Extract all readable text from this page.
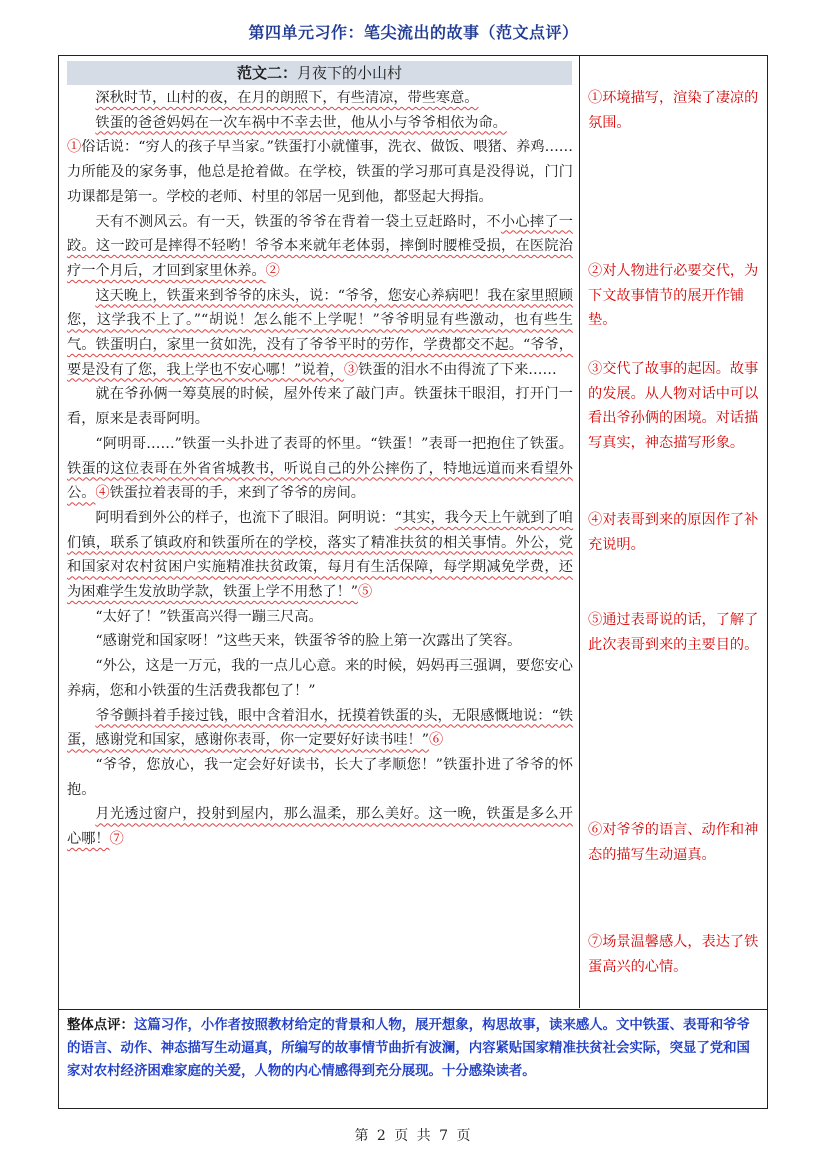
第四单元习作：笔尖流出的故事（范文点评）
范文二：月夜下的小山村

深秋时节，山村的夜，在月的朗照下，有些清凉，带些寒意。

铁蛋的爸爸妈妈在一次车祸中不幸去世，他从小与爷爷相依为命。

①俗话说：“穷人的孩子早当家。”铁蛋打小就懂事，洗衣、做饭、喂猪、养鸡……力所能及的家务事，他总是抢着做。在学校，铁蛋的学习那可真是没得说，门门功课都是第一。学校的老师、村里的邻居一见到他，都竖起大拇指。

天有不测风云。有一天，铁蛋的爷爷在背着一袋土豆赶路时，不小心摔了一跤。这一跤可是摔得不轻哟！爷爷本来就年老体弱，摔倒时腰椎受损，在医院治疗一个月后，才回到家里休养。②

这天晚上，铁蛋来到爷爷的床头，说：“爷爷，您安心养病吧！我在家里照顾您，这学我不上了。”“胡说！怎么能不上学呢！”爷爷明显有些激动，也有些生气。铁蛋明白，家里一贫如洗，没有了爷爷平时的劳作，学费都交不起。“爷爷，要是没有了您，我上学也不安心哪！”说着，③铁蛋的泪水不由得流了下来……

就在爷孙俩一筹莫展的时候，屋外传来了敲门声。铁蛋抹干眼泪，打开门一看，原来是表哥阿明。

“阿明哥……”铁蛋一头扑进了表哥的怀里。“铁蛋！”表哥一把抱住了铁蛋。铁蛋的这位表哥在外省省城教书，听说自己的外公摔伤了，特地远道而来看望外公。④铁蛋拉着表哥的手，来到了爷爷的房间。

阿明看到外公的样子，也流下了眼泪。阿明说：“其实，我今天上午就到了咱们镇，联系了镇政府和铁蛋所在的学校，落实了精准扶贫的相关事情。外公，党和国家对农村贫困户实施精准扶贫政策，每月有生活保障，每学期减免学费，还为困难学生发放助学款，铁蛋上学不用愁了！”⑤

“太好了！”铁蛋高兴得一蹦三尺高。

“感谢党和国家呀！”这些天来，铁蛋爷爷的脸上第一次露出了笑容。

“外公，这是一万元，我的一点儿心意。来的时候，妈妈再三强调，要您安心养病，您和小铁蛋的生活费我都包了！”

爷爷颤抖着手接过钱，眼中含着泪水，抚摸着铁蛋的头，无限感慨地说：“铁蛋，感谢党和国家，感谢你表哥，你一定要好好读书哇！”⑥

“爷爷，您放心，我一定会好好读书，长大了孝顺您！”铁蛋扑进了爷爷的怀抱。

月光透过窗户，投射到屋内，那么温柔，那么美好。这一晚，铁蛋是多么开心哪！⑦

①环境描写，渲染了凄凉的氛围。
②对人物进行必要交代，为下文故事情节的展开作铺垫。
③交代了故事的起因。故事的发展。从人物对话中可以看出爷孙俩的困境。对话描写真实，神态描写形象。
④对表哥到来的原因作了补充说明。
⑤通过表哥说的话，了解了此次表哥到来的主要目的。
⑥对爷爷的语言、动作和神态的描写生动逼真。
⑦场景温馨感人，表达了铁蛋高兴的心情。
整体点评：这篇习作，小作者按照教材给定的背景和人物，展开想象，构思故事，读来感人。文中铁蛋、表哥和爷爷的语言、动作、神态描写生动逼真，所编写的故事情节曲折有波澜，内容紧贴国家精准扶贫社会实际，突显了党和国家对农村经济困难家庭的关爱，人物的内心情感得到充分展现。十分感染读者。
第 2 页 共 7 页
